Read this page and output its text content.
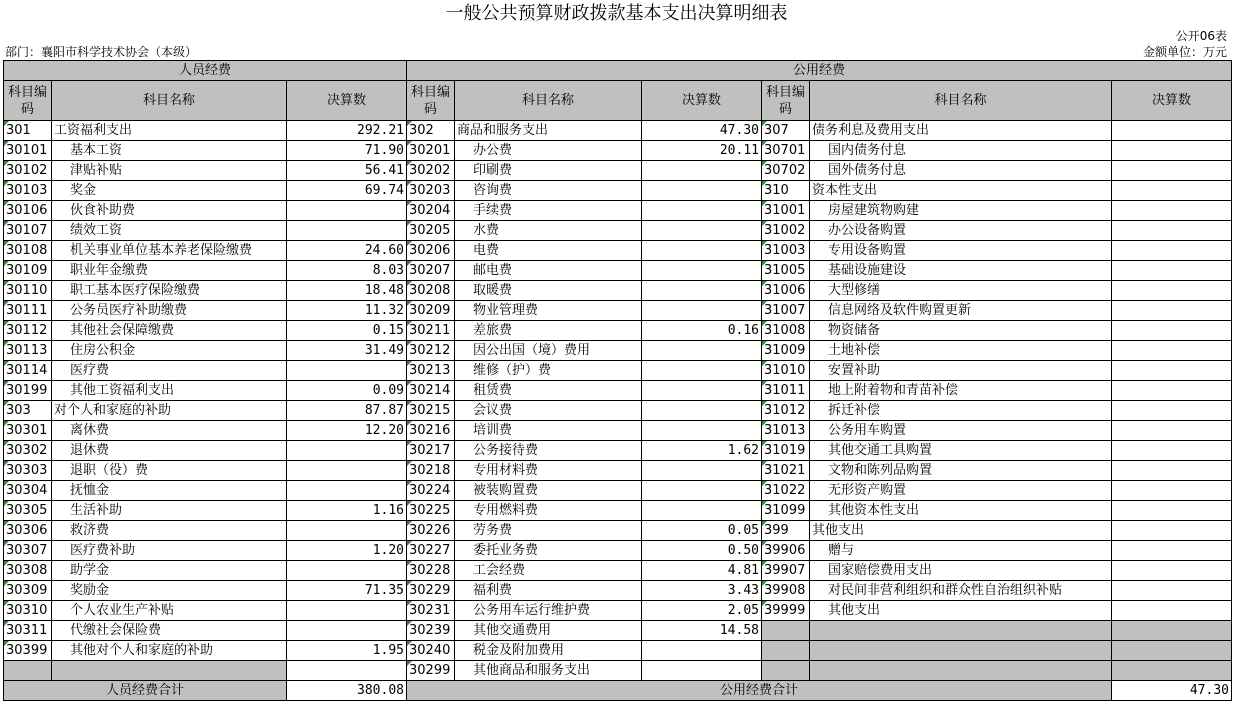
一般公共预算财政拨款基本支出决算明细表
公开06表
部门：襄阳市科学技术协会（本级）	金额单位：万元
人员经费			公用经费					
科目编码	科目名称	决算数	科目编码	科目名称	决算数	科目编码	科目名称	决算数
301	工资福利支出	292.21	302	商品和服务支出	47.30	307	债务利息及费用支出	
30101	基本工资	71.90	30201	办公费	20.11	30701	国内债务付息	
30102	津贴补贴	56.41	30202	印刷费		30702	国外债务付息	
30103	奖金	69.74	30203	咨询费		310	资本性支出	
30106	伙食补助费		30204	手续费		31001	房屋建筑物购建	
30107	绩效工资		30205	水费		31002	办公设备购置	
30108	机关事业单位基本养老保险缴费	24.60	30206	电费		31003	专用设备购置	
30109	职业年金缴费	8.03	30207	邮电费		31005	基础设施建设	
30110	职工基本医疗保险缴费	18.48	30208	取暖费		31006	大型修缮	
30111	公务员医疗补助缴费	11.32	30209	物业管理费		31007	信息网络及软件购置更新	
30112	其他社会保障缴费	0.15	30211	差旅费	0.16	31008	物资储备	
30113	住房公积金	31.49	30212	因公出国（境）费用		31009	土地补偿	
30114	医疗费		30213	维修（护）费		31010	安置补助	
30199	其他工资福利支出	0.09	30214	租赁费		31011	地上附着物和青苗补偿	
303	对个人和家庭的补助	87.87	30215	会议费		31012	拆迁补偿	
30301	离休费	12.20	30216	培训费		31013	公务用车购置	
30302	退休费		30217	公务接待费	1.62	31019	其他交通工具购置	
30303	退职（役）费		30218	专用材料费		31021	文物和陈列品购置	
30304	抚恤金		30224	被装购置费		31022	无形资产购置	
30305	生活补助	1.16	30225	专用燃料费		31099	其他资本性支出	
30306	救济费		30226	劳务费	0.05	399	其他支出	
30307	医疗费补助	1.20	30227	委托业务费	0.50	39906	赠与	
30308	助学金		30228	工会经费	4.81	39907	国家赔偿费用支出	
30309	奖励金	71.35	30229	福利费	3.43	39908	对民间非营利组织和群众性自治组织补贴	
30310	个人农业生产补贴		30231	公务用车运行维护费	2.05	39999	其他支出	
30311	代缴社会保险费		30239	其他交通费用	14.58			
30399	其他对个人和家庭的补助	1.95	30240	税金及附加费用				
			30299	其他商品和服务支出				
人员经费合计		380.08	公用经费合计					47.30
